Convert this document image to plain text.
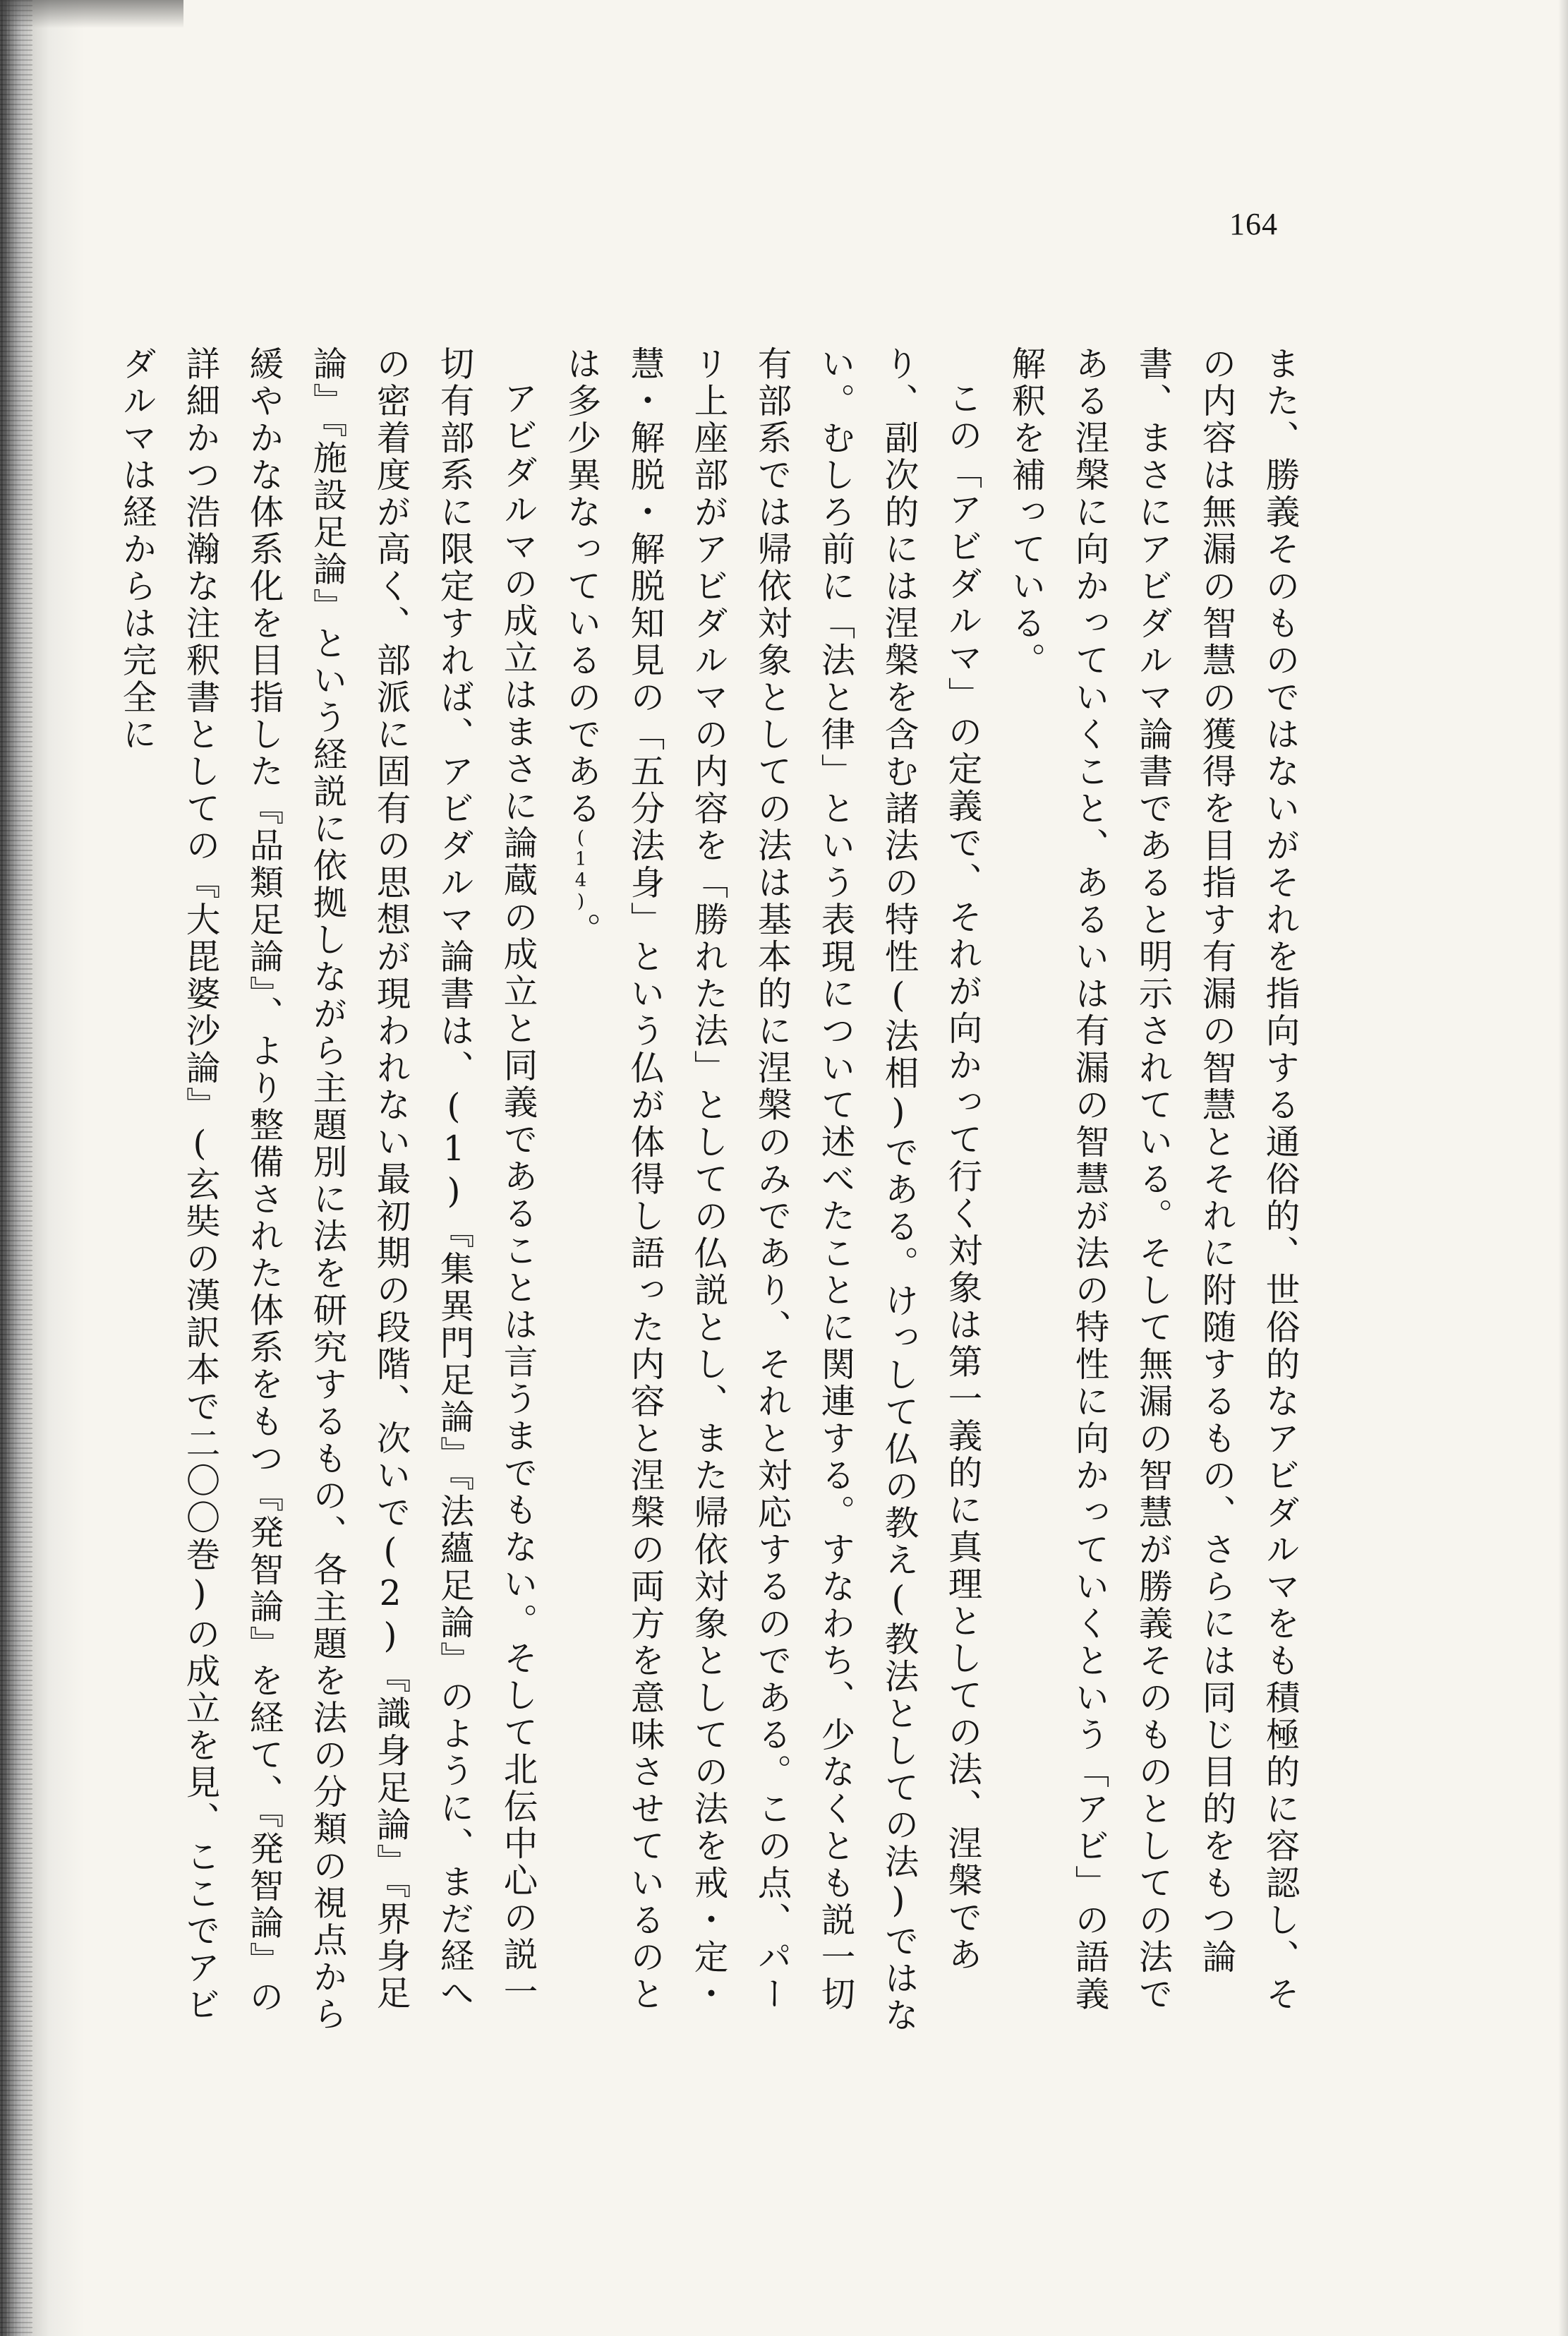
164

また、勝義そのものではないがそれを指向する通俗的、世俗的なアビダルマをも積極的に容認し、その内容は無漏の智慧の獲得を目指す有漏の智慧とそれに附随するもの、さらには同じ目的をもつ論書、まさにアビダルマ論書であると明示されている。そして無漏の智慧が勝義そのものとしての法である涅槃に向かっていくこと、あるいは有漏の智慧が法の特性に向かっていくという「アビ」の語義解釈を補っている。

この「アビダルマ」の定義で、それが向かって行く対象は第一義的に真理としての法、涅槃であり、副次的には涅槃を含む諸法の特性(法相)である。けっして仏の教え(教法としての法)ではない。むしろ前に「法と律」という表現について述べたことに関連する。すなわち、少なくとも説一切有部系では帰依対象としての法は基本的に涅槃のみであり、それと対応するのである。この点、パーリ上座部がアビダルマの内容を「勝れた法」としての仏説とし、また帰依対象としての法を戒・定・慧・解脱・解脱知見の「五分法身」という仏が体得し語った内容と涅槃の両方を意味させているのとは多少異なっているのである(14)。

アビダルマの成立はまさに論蔵の成立と同義であることは言うまでもない。そして北伝中心の説一切有部系に限定すれば、アビダルマ論書は、(1)『集異門足論』『法蘊足論』のように、まだ経への密着度が高く、部派に固有の思想が現われない最初期の段階、次いで(2)『識身足論』『界身足論』『施設足論』という経説に依拠しながら主題別に法を研究するもの、各主題を法の分類の視点から緩やかな体系化を目指した『品類足論』、より整備された体系をもつ『発智論』を経て、『発智論』の詳細かつ浩瀚な注釈書としての『大毘婆沙論』(玄奘の漢訳本で二〇〇巻)の成立を見、ここでアビダルマは経からは完全に
